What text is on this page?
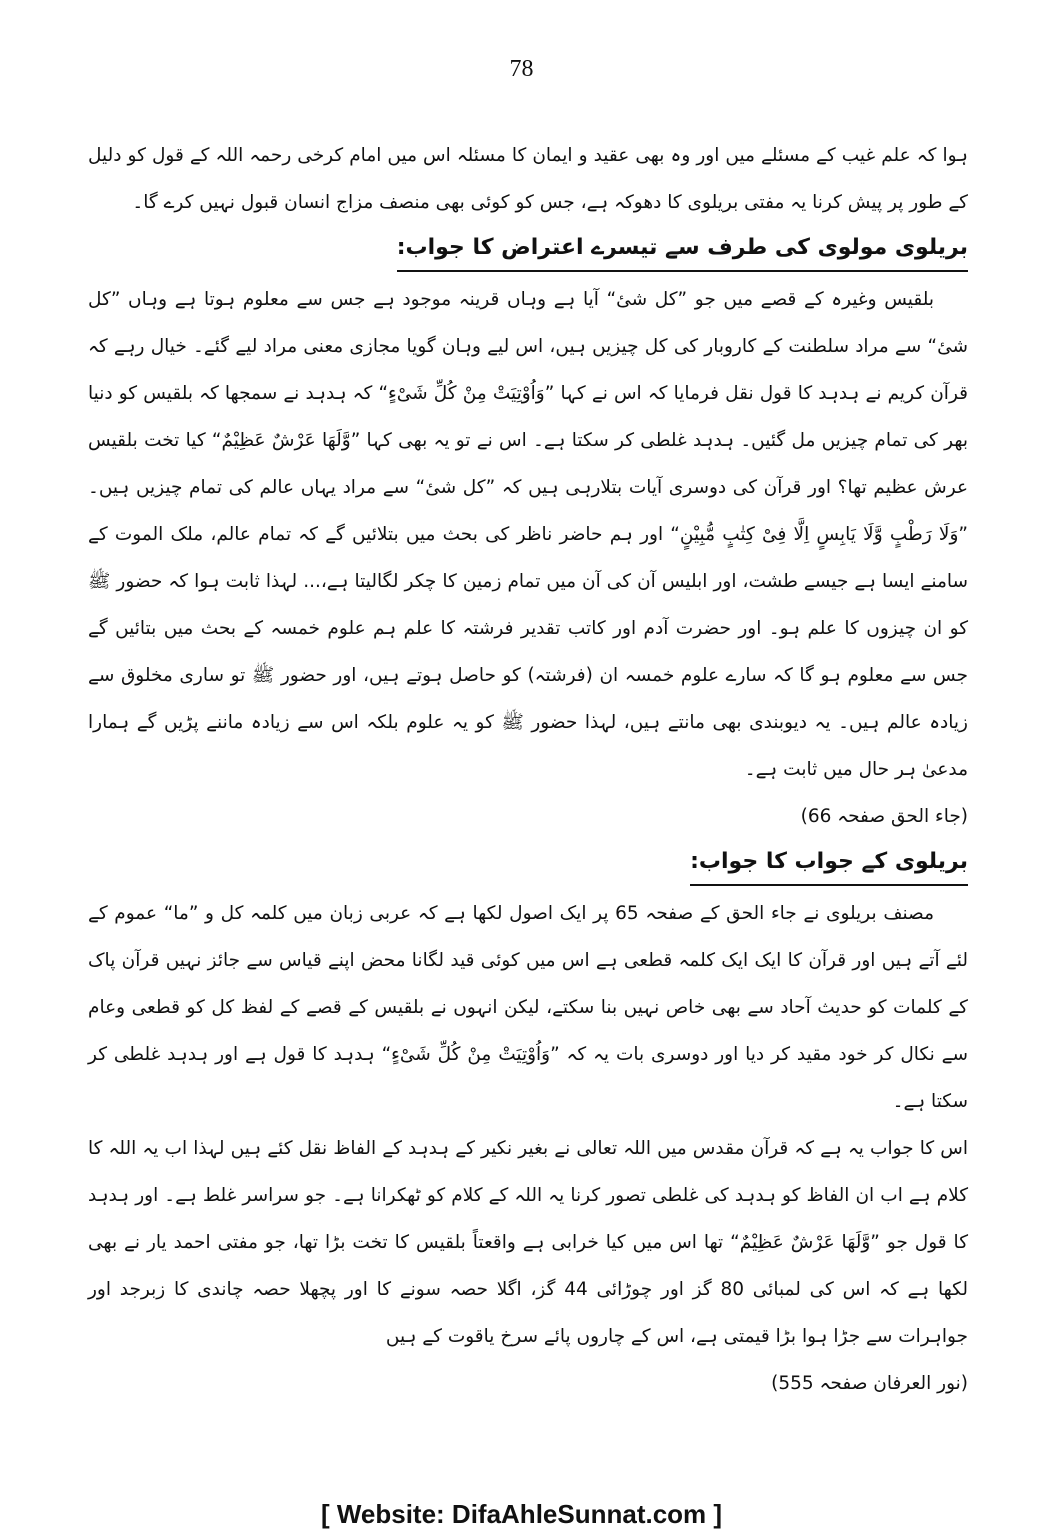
78

ہوا کہ علم غیب کے مسئلے میں اور وہ بھی عقید و ایمان کا مسئلہ اس میں امام کرخی رحمہ اللہ کے قول کو دلیل کے طور پر پیش کرنا یہ مفتی بریلوی کا دھوکہ ہے، جس کو کوئی بھی منصف مزاج انسان قبول نہیں کرے گا۔

بریلوی مولوی کی طرف سے تیسرے اعتراض کا جواب:

بلقیس وغیرہ کے قصے میں جو ”کل شیٔ“ آیا ہے وہاں قرینہ موجود ہے جس سے معلوم ہوتا ہے وہاں ”کل شیٔ“ سے مراد سلطنت کے کاروبار کی کل چیزیں ہیں، اس لیے وہان گویا مجازی معنی مراد لیے گئے۔ خیال رہے کہ قرآن کریم نے ہدہد کا قول نقل فرمایا کہ اس نے کہا ”وَاُوْتِیَتْ مِنْ كُلِّ شَیْءٍ“ کہ ہدہد نے سمجھا کہ بلقیس کو دنیا بھر کی تمام چیزیں مل گئیں۔ ہدہد غلطی کر سکتا ہے۔ اس نے تو یہ بھی کہا ”وَّلَهَا عَرْشٌ عَظِیْمٌ“ کیا تخت بلقیس عرش عظیم تھا؟ اور قرآن کی دوسری آیات بتلارہی ہیں کہ ”کل شیٔ“ سے مراد یہاں عالم کی تمام چیزیں ہیں۔ ”وَلَا رَطْبٍ وَّلَا یَابِسٍ اِلَّا فِیْ كِتٰبٍ مُّبِیْنٍ“ اور ہم حاضر ناظر کی بحث میں بتلائیں گے کہ تمام عالم، ملک الموت کے سامنے ایسا ہے جیسے طشت، اور ابلیس آن کی آن میں تمام زمین کا چکر لگالیتا ہے،... لہذا ثابت ہوا کہ حضور ﷺ کو ان چیزوں کا علم ہو۔ اور حضرت آدم اور کاتب تقدیر فرشتہ کا علم ہم علوم خمسہ کے بحث میں بتائیں گے جس سے معلوم ہو گا کہ سارے علوم خمسہ ان (فرشتہ) کو حاصل ہوتے ہیں، اور حضور ﷺ تو ساری مخلوق سے زیادہ عالم ہیں۔ یہ دیوبندی بھی مانتے ہیں، لہذا حضور ﷺ کو یہ علوم بلکہ اس سے زیادہ ماننے پڑیں گے ہمارا مدعیٰ ہر حال میں ثابت ہے۔

(جاء الحق صفحہ 66)

بریلوی کے جواب کا جواب:

مصنف بریلوی نے جاء الحق کے صفحہ 65 پر ایک اصول لکھا ہے کہ عربی زبان میں کلمہ کل و ”ما“ عموم کے لئے آتے ہیں اور قرآن کا ایک ایک کلمہ قطعی ہے اس میں کوئی قید لگانا محض اپنے قیاس سے جائز نہیں قرآن پاک کے کلمات کو حدیث آحاد سے بھی خاص نہیں بنا سکتے، لیکن انہوں نے بلقیس کے قصے کے لفظ کل کو قطعی وعام سے نکال کر خود مقید کر دیا اور دوسری بات یہ کہ ”وَاُوْتِیَتْ مِنْ كُلِّ شَیْءٍ“ ہدہد کا قول ہے اور ہدہد غلطی کر سکتا ہے۔

اس کا جواب یہ ہے کہ قرآن مقدس میں اللہ تعالی نے بغیر نکیر کے ہدہد کے الفاظ نقل کئے ہیں لہذا اب یہ اللہ کا کلام ہے اب ان الفاظ کو ہدہد کی غلطی تصور کرنا یہ اللہ کے کلام کو ٹھکرانا ہے۔ جو سراسر غلط ہے۔ اور ہدہد کا قول جو ”وَّلَهَا عَرْشٌ عَظِیْمٌ“ تھا اس میں کیا خرابی ہے واقعتاً بلقیس کا تخت بڑا تھا، جو مفتی احمد یار نے بھی لکھا ہے کہ اس کی لمبائی 80 گز اور چوڑائی 44 گز، اگلا حصہ سونے کا اور پچھلا حصہ چاندی کا زبرجد اور جواہرات سے جڑا ہوا بڑا قیمتی ہے، اس کے چاروں پائے سرخ یاقوت کے ہیں

(نور العرفان صفحہ 555)

[ Website: DifaAhleSunnat.com ]
